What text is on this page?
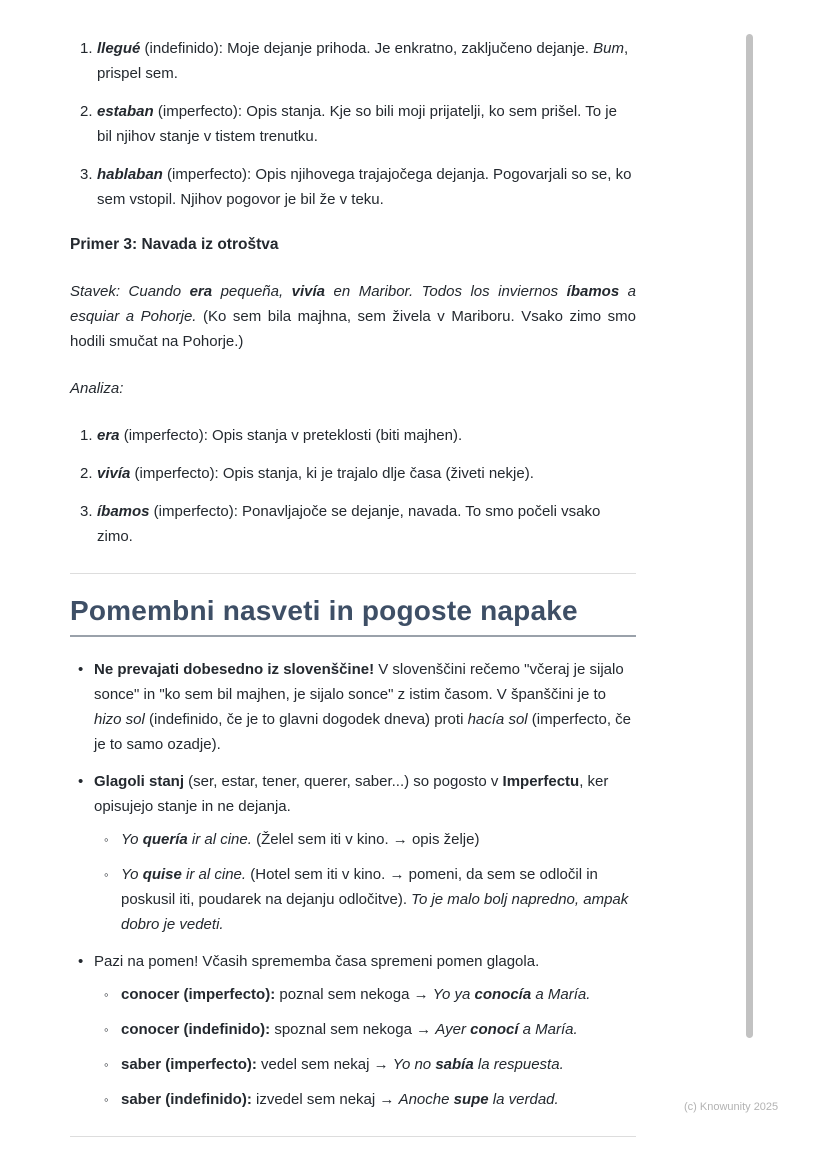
1. llegué (indefinido): Moje dejanje prihoda. Je enkratno, zaključeno dejanje. Bum, prispel sem.
2. estaban (imperfecto): Opis stanja. Kje so bili moji prijatelji, ko sem prišel. To je bil njihov stanje v tistem trenutku.
3. hablaban (imperfecto): Opis njihovega trajajočega dejanja. Pogovarjali so se, ko sem vstopil. Njihov pogovor je bil že v teku.

Primer 3: Navada iz otroštva

Stavek: Cuando era pequeña, vivía en Maribor. Todos los inviernos íbamos a esquiar a Pohorje. (Ko sem bila majhna, sem živela v Mariboru. Vsako zimo smo hodili smučat na Pohorje.)

Analiza:

1. era (imperfecto): Opis stanja v preteklosti (biti majhen).
2. vivía (imperfecto): Opis stanja, ki je trajalo dlje časa (živeti nekje).
3. íbamos (imperfecto): Ponavljajoče se dejanje, navada. To smo počeli vsako zimo.
Pomembni nasveti in pogoste napake
• Ne prevajati dobesedno iz slovenščine! V slovenščini rečemo "včeraj je sijalo sonce" in "ko sem bil majhen, je sijalo sonce" z istim časom. V španščini je to hizo sol (indefinido, če je to glavni dogodek dneva) proti hacía sol (imperfecto, če je to samo ozadje).
• Glagoli stanj (ser, estar, tener, querer, saber...) so pogosto v Imperfectu, ker opisujejo stanje in ne dejanja.
◦ Yo quería ir al cine. (Želel sem iti v kino. → opis želje)
◦ Yo quise ir al cine. (Hotel sem iti v kino. → pomeni, da sem se odločil in poskusil iti, poudarek na dejanju odločitve). To je malo bolj napredno, ampak dobro je vedeti.
• Pazi na pomen! Včasih sprememba časa spremeni pomen glagola.
◦ conocer (imperfecto): poznal sem nekoga → Yo ya conocía a María.
◦ conocer (indefinido): spoznal sem nekoga → Ayer conocí a María.
◦ saber (imperfecto): vedel sem nekaj → Yo no sabía la respuesta.
◦ saber (indefinido): izvedel sem nekaj → Anoche supe la verdad.	(c) Knowunity 2025
